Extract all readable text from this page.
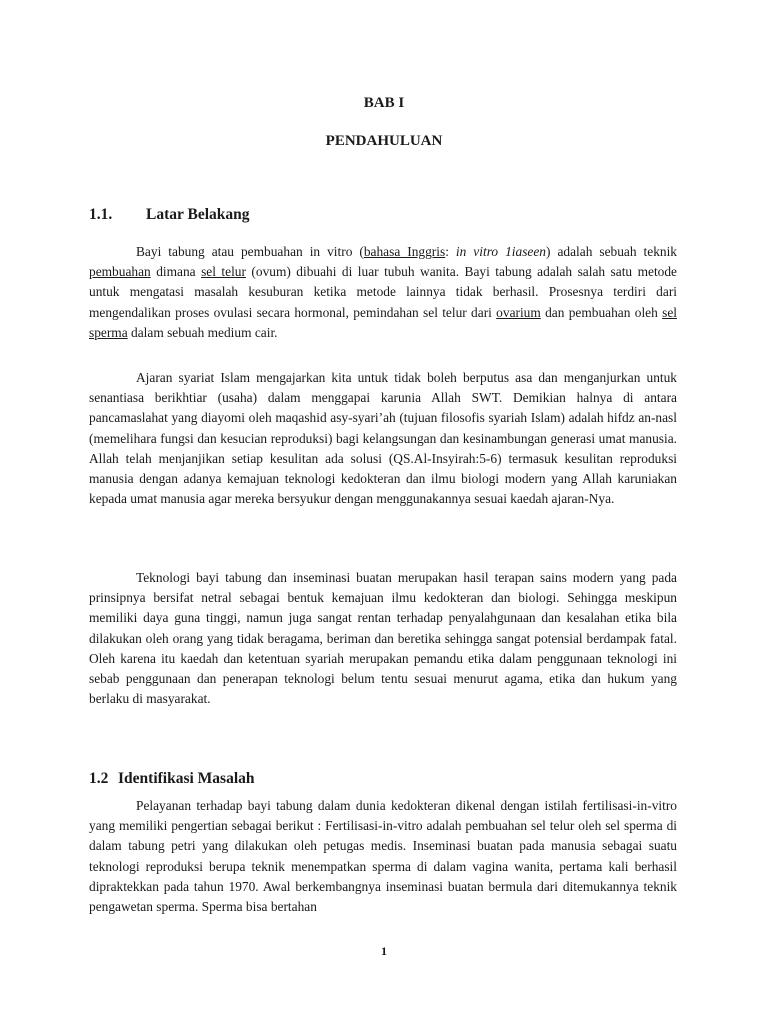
BAB I
PENDAHULUAN
1.1. Latar Belakang

Bayi tabung atau pembuahan in vitro (bahasa Inggris: in vitro 1iaseen) adalah sebuah teknik pembuahan dimana sel telur (ovum) dibuahi di luar tubuh wanita. Bayi tabung adalah salah satu metode untuk mengatasi masalah kesuburan ketika metode lainnya tidak berhasil. Prosesnya terdiri dari mengendalikan proses ovulasi secara hormonal, pemindahan sel telur dari ovarium dan pembuahan oleh sel sperma dalam sebuah medium cair.

Ajaran syariat Islam mengajarkan kita untuk tidak boleh berputus asa dan menganjurkan untuk senantiasa berikhtiar (usaha) dalam menggapai karunia Allah SWT. Demikian halnya di antara pancamaslahat yang diayomi oleh maqashid asy-syari’ah (tujuan filosofis syariah Islam) adalah hifdz an-nasl (memelihara fungsi dan kesucian reproduksi) bagi kelangsungan dan kesinambungan generasi umat manusia. Allah telah menjanjikan setiap kesulitan ada solusi (QS.Al-Insyirah:5-6) termasuk kesulitan reproduksi manusia dengan adanya kemajuan teknologi kedokteran dan ilmu biologi modern yang Allah karuniakan kepada umat manusia agar mereka bersyukur dengan menggunakannya sesuai kaedah ajaran-Nya.

Teknologi bayi tabung dan inseminasi buatan merupakan hasil terapan sains modern yang pada prinsipnya bersifat netral sebagai bentuk kemajuan ilmu kedokteran dan biologi. Sehingga meskipun memiliki daya guna tinggi, namun juga sangat rentan terhadap penyalahgunaan dan kesalahan etika bila dilakukan oleh orang yang tidak beragama, beriman dan beretika sehingga sangat potensial berdampak fatal. Oleh karena itu kaedah dan ketentuan syariah merupakan pemandu etika dalam penggunaan teknologi ini sebab penggunaan dan penerapan teknologi belum tentu sesuai menurut agama, etika dan hukum yang berlaku di masyarakat.

1.2 Identifikasi Masalah

Pelayanan terhadap bayi tabung dalam dunia kedokteran dikenal dengan istilah fertilisasi-in-vitro yang memiliki pengertian sebagai berikut : Fertilisasi-in-vitro adalah pembuahan sel telur oleh sel sperma di dalam tabung petri yang dilakukan oleh petugas medis. Inseminasi buatan pada manusia sebagai suatu teknologi reproduksi berupa teknik menempatkan sperma di dalam vagina wanita, pertama kali berhasil dipraktekkan pada tahun 1970. Awal berkembangnya inseminasi buatan bermula dari ditemukannya teknik pengawetan sperma. Sperma bisa bertahan

1
